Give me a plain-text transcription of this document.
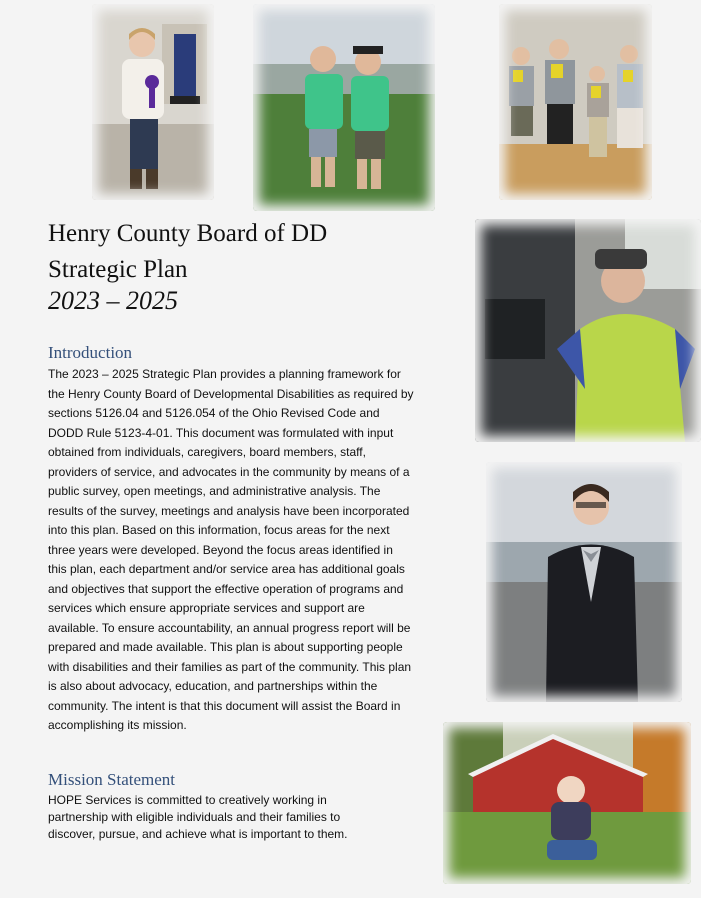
Henry County Board of DD
Strategic Plan
2023 – 2025
Introduction
The 2023 – 2025 Strategic Plan provides a planning framework for the Henry County Board of Developmental Disabilities as required by sections 5126.04 and 5126.054 of the Ohio Revised Code and DODD Rule 5123-4-01. This document was formulated with input obtained from individuals, caregivers, board members, staff, providers of service, and advocates in the community by means of a public survey, open meetings, and administrative analysis. The results of the survey, meetings and analysis have been incorporated into this plan. Based on this information, focus areas for the next three years were developed. Beyond the focus areas identified in this plan, each department and/or service area has additional goals and objectives that support the effective operation of programs and services which ensure appropriate services and support are available. To ensure accountability, an annual progress report will be prepared and made available. This plan is about supporting people with disabilities and their families as part of the community. This plan is also about advocacy, education, and partnerships within the community. The intent is that this document will assist the Board in accomplishing its mission.
Mission Statement
HOPE Services is committed to creatively working in partnership with eligible individuals and their families to discover, pursue, and achieve what is important to them.
